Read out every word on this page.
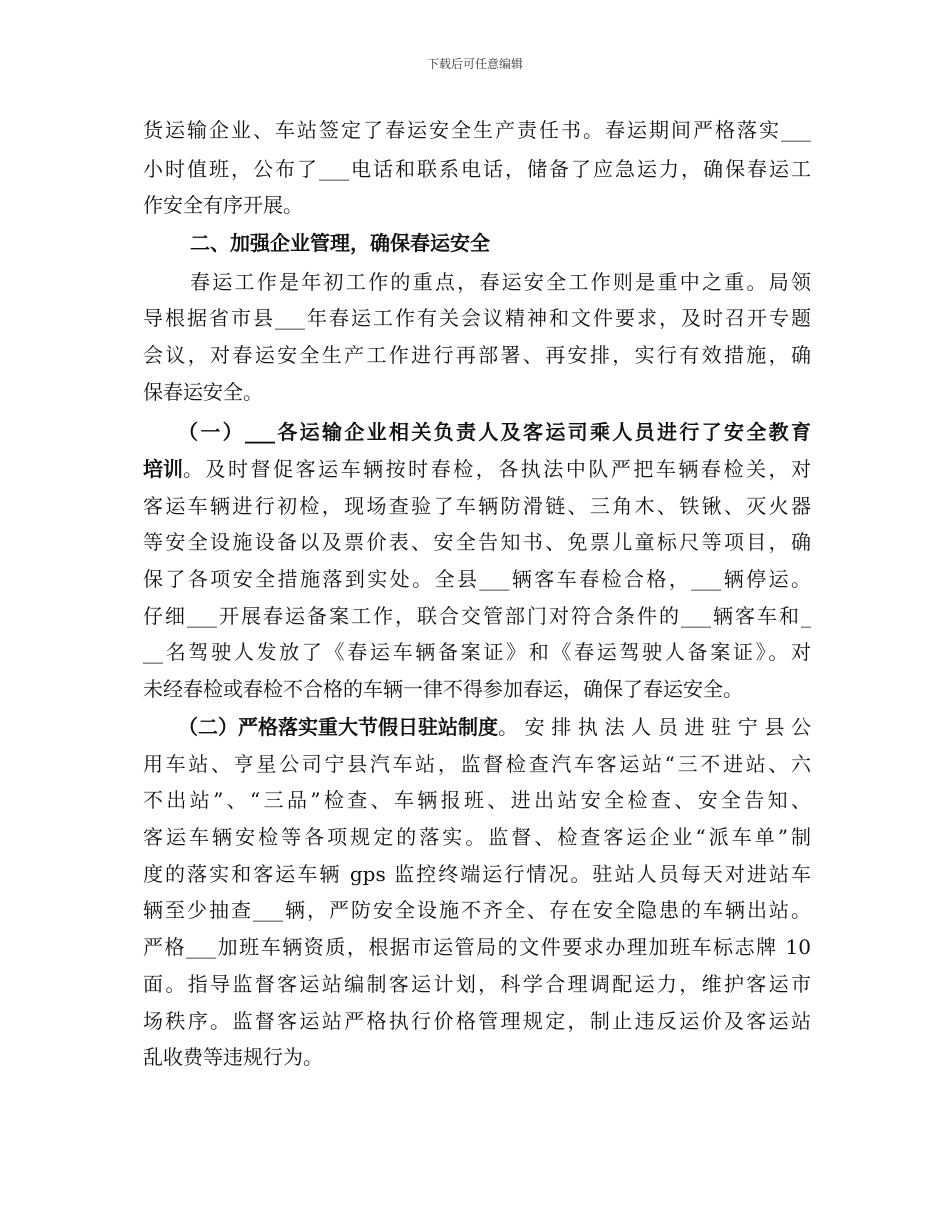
下载后可任意编辑
货运输企业、车站签定了春运安全生产责任书。春运期间严格落实___
小时值班，公布了___电话和联系电话，储备了应急运力，确保春运工
作安全有序开展。
二、加强企业管理，确保春运安全
春运工作是年初工作的重点，春运安全工作则是重中之重。局领
导根据省市县___年春运工作有关会议精神和文件要求，及时召开专题
会议，对春运安全生产工作进行再部署、再安排，实行有效措施，确
保春运安全。
（一）___各运输企业相关负责人及客运司乘人员进行了安全教育
培训 。及时督促客运车辆按时春检，各执法中队严把车辆春检关，对
客运车辆进行初检，现场查验了车辆防滑链、三角木、铁锹、灭火器
等安全设施设备以及票价表、安全告知书、免票儿童标尺等项目，确
保了各项安全措施落到实处。全县___辆客车春检合格，___辆停运。
仔细___开展春运备案工作，联合交管部门对符合条件的___辆客车和_
__名驾驶人发放了《春运车辆备案证》和《春运驾驶人备案证》。对
未经春检或春检不合格的车辆一律不得参加春运，确保了春运安全。
（二）严格落实重大节假日驻站制度 。安排执法人员进驻宁县公
用车站、亨星公司宁县汽车站，监督检查汽车客运站“三不进站、六
不出站”、“三品”检查、车辆报班、进出站安全检查、安全告知、
客运车辆安检等各项规定的落实。监督、检查客运企业“派车单”制
度的落实和客运车辆 gps 监控终端运行情况。驻站人员每天对进站车
辆至少抽查___辆，严防安全设施不齐全、存在安全隐患的车辆出站。
严格___加班车辆资质，根据市运管局的文件要求办理加班车标志牌 10
面。指导监督客运站编制客运计划，科学合理调配运力，维护客运市
场秩序。监督客运站严格执行价格管理规定，制止违反运价及客运站
乱收费等违规行为。
